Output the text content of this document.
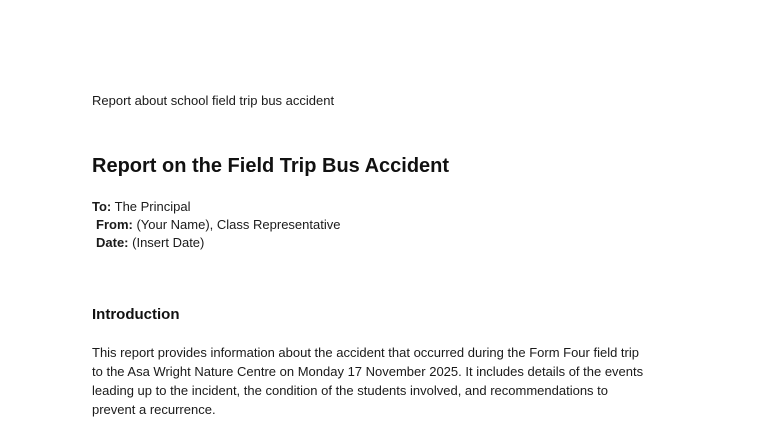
Report about school field trip bus accident
Report on the Field Trip Bus Accident
To: The Principal
From: (Your Name), Class Representative
Date: (Insert Date)
Introduction

This report provides information about the accident that occurred during the Form Four field trip
to the Asa Wright Nature Centre on Monday 17 November 2025. It includes details of the events
leading up to the incident, the condition of the students involved, and recommendations to
prevent a recurrence.
